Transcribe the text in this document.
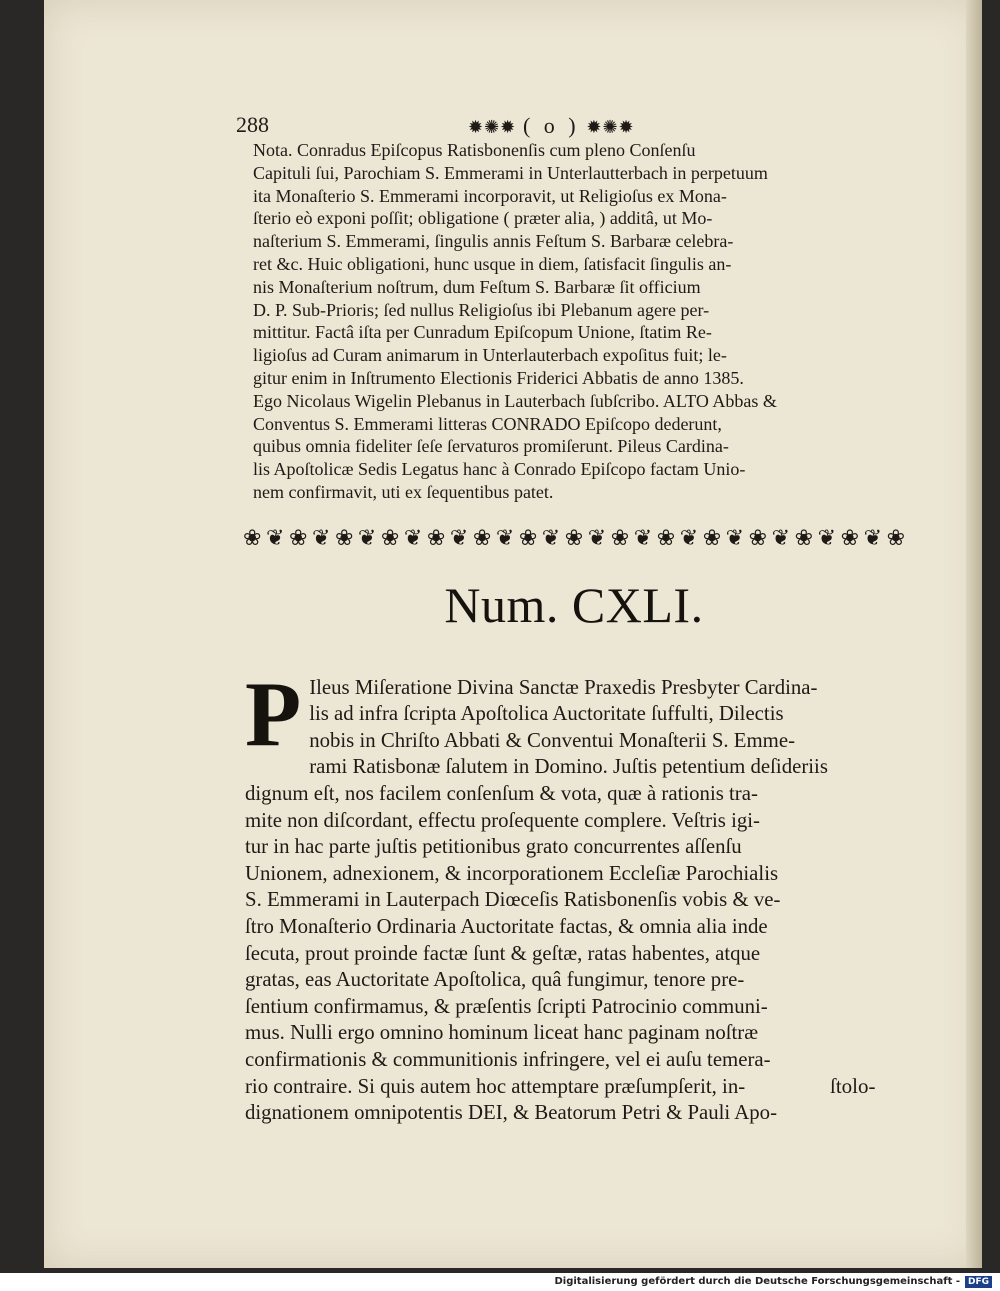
288	✹✺✹ ( o ) ✹✺✹
Nota. Conradus Epiſcopus Ratisbonenſis cum pleno Conſenſu
Capituli ſui, Parochiam S. Emmerami in Unterlautterbach in perpetuum
ita Monaſterio S. Emmerami incorporavit, ut Religioſus ex Mona-
ſterio eò exponi poſſit; obligatione ( præter alia, ) additâ, ut Mo-
naſterium S. Emmerami, ſingulis annis Feſtum S. Barbaræ celebra-
ret &c. Huic obligationi, hunc usque in diem, ſatisfacit ſingulis an-
nis Monaſterium noſtrum, dum Feſtum S. Barbaræ ſit officium
D. P. Sub-Prioris; ſed nullus Religioſus ibi Plebanum agere per-
mittitur. Factâ iſta per Cunradum Epiſcopum Unione, ſtatim Re-
ligioſus ad Curam animarum in Unterlauterbach expoſitus fuit; le-
gitur enim in Inſtrumento Electionis Friderici Abbatis de anno 1385.
Ego Nicolaus Wigelin Plebanus in Lauterbach ſubſcribo. ALTO Abbas &
Conventus S. Emmerami litteras CONRADO Epiſcopo dederunt,
quibus omnia fideliter ſeſe ſervaturos promiſerunt. Pileus Cardina-
lis Apoſtolicæ Sedis Legatus hanc à Conrado Epiſcopo factam Unio-
nem confirmavit, uti ex ſequentibus patet.
❀ ❦ ❀ ❦ ❀ ❦ ❀ ❦ ❀ ❦ ❀ ❦ ❀ ❦ ❀ ❦ ❀ ❦ ❀ ❦ ❀ ❦ ❀ ❦ ❀ ❦ ❀ ❦ ❀
Num. CXLI.

P Ileus Miſeratione Divina Sanctæ Praxedis Presbyter Cardina-
lis ad infra ſcripta Apoſtolica Auctoritate ſuffulti, Dilectis
nobis in Chriſto Abbati & Conventui Monaſterii S. Emme-
rami Ratisbonæ ſalutem in Domino. Juſtis petentium deſideriis
dignum eſt, nos facilem conſenſum & vota, quæ à rationis tra-
mite non diſcordant, effectu proſequente complere. Veſtris igi-
tur in hac parte juſtis petitionibus grato concurrentes aſſenſu
Unionem, adnexionem, & incorporationem Eccleſiæ Parochialis
S. Emmerami in Lauterpach Diœceſis Ratisbonenſis vobis & ve-
ſtro Monaſterio Ordinaria Auctoritate factas, & omnia alia inde
ſecuta, prout proinde factæ ſunt & geſtæ, ratas habentes, atque
gratas, eas Auctoritate Apoſtolica, quâ fungimur, tenore pre-
ſentium confirmamus, & præſentis ſcripti Patrocinio communi-
mus. Nulli ergo omnino hominum liceat hanc paginam noſtræ
confirmationis & communitionis infringere, vel ei auſu temera-
rio contraire. Si quis autem hoc attemptare præſumpſerit, in-
dignationem omnipotentis DEI, & Beatorum Petri & Pauli Apo-

ſtolo-
Digitalisierung gefördert durch die Deutsche Forschungsgemeinschaft - DFG
